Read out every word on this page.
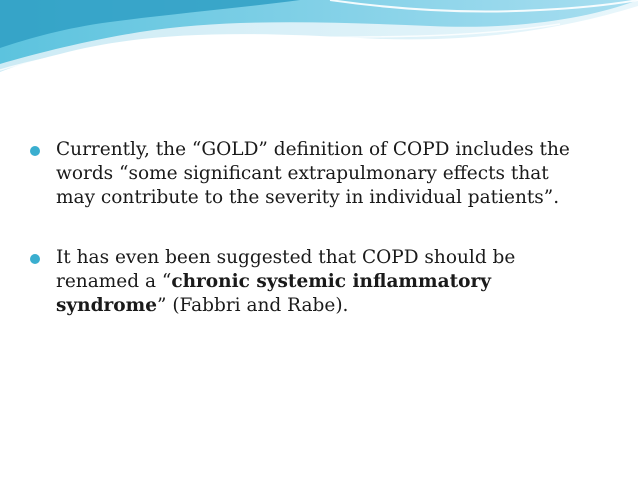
Currently, the “GOLD” definition of COPD includes the words “some significant extrapulmonary effects that may contribute to the severity in individual patients”.
It has even been suggested that COPD should be renamed a “chronic systemic inflammatory syndrome” (Fabbri and Rabe).
